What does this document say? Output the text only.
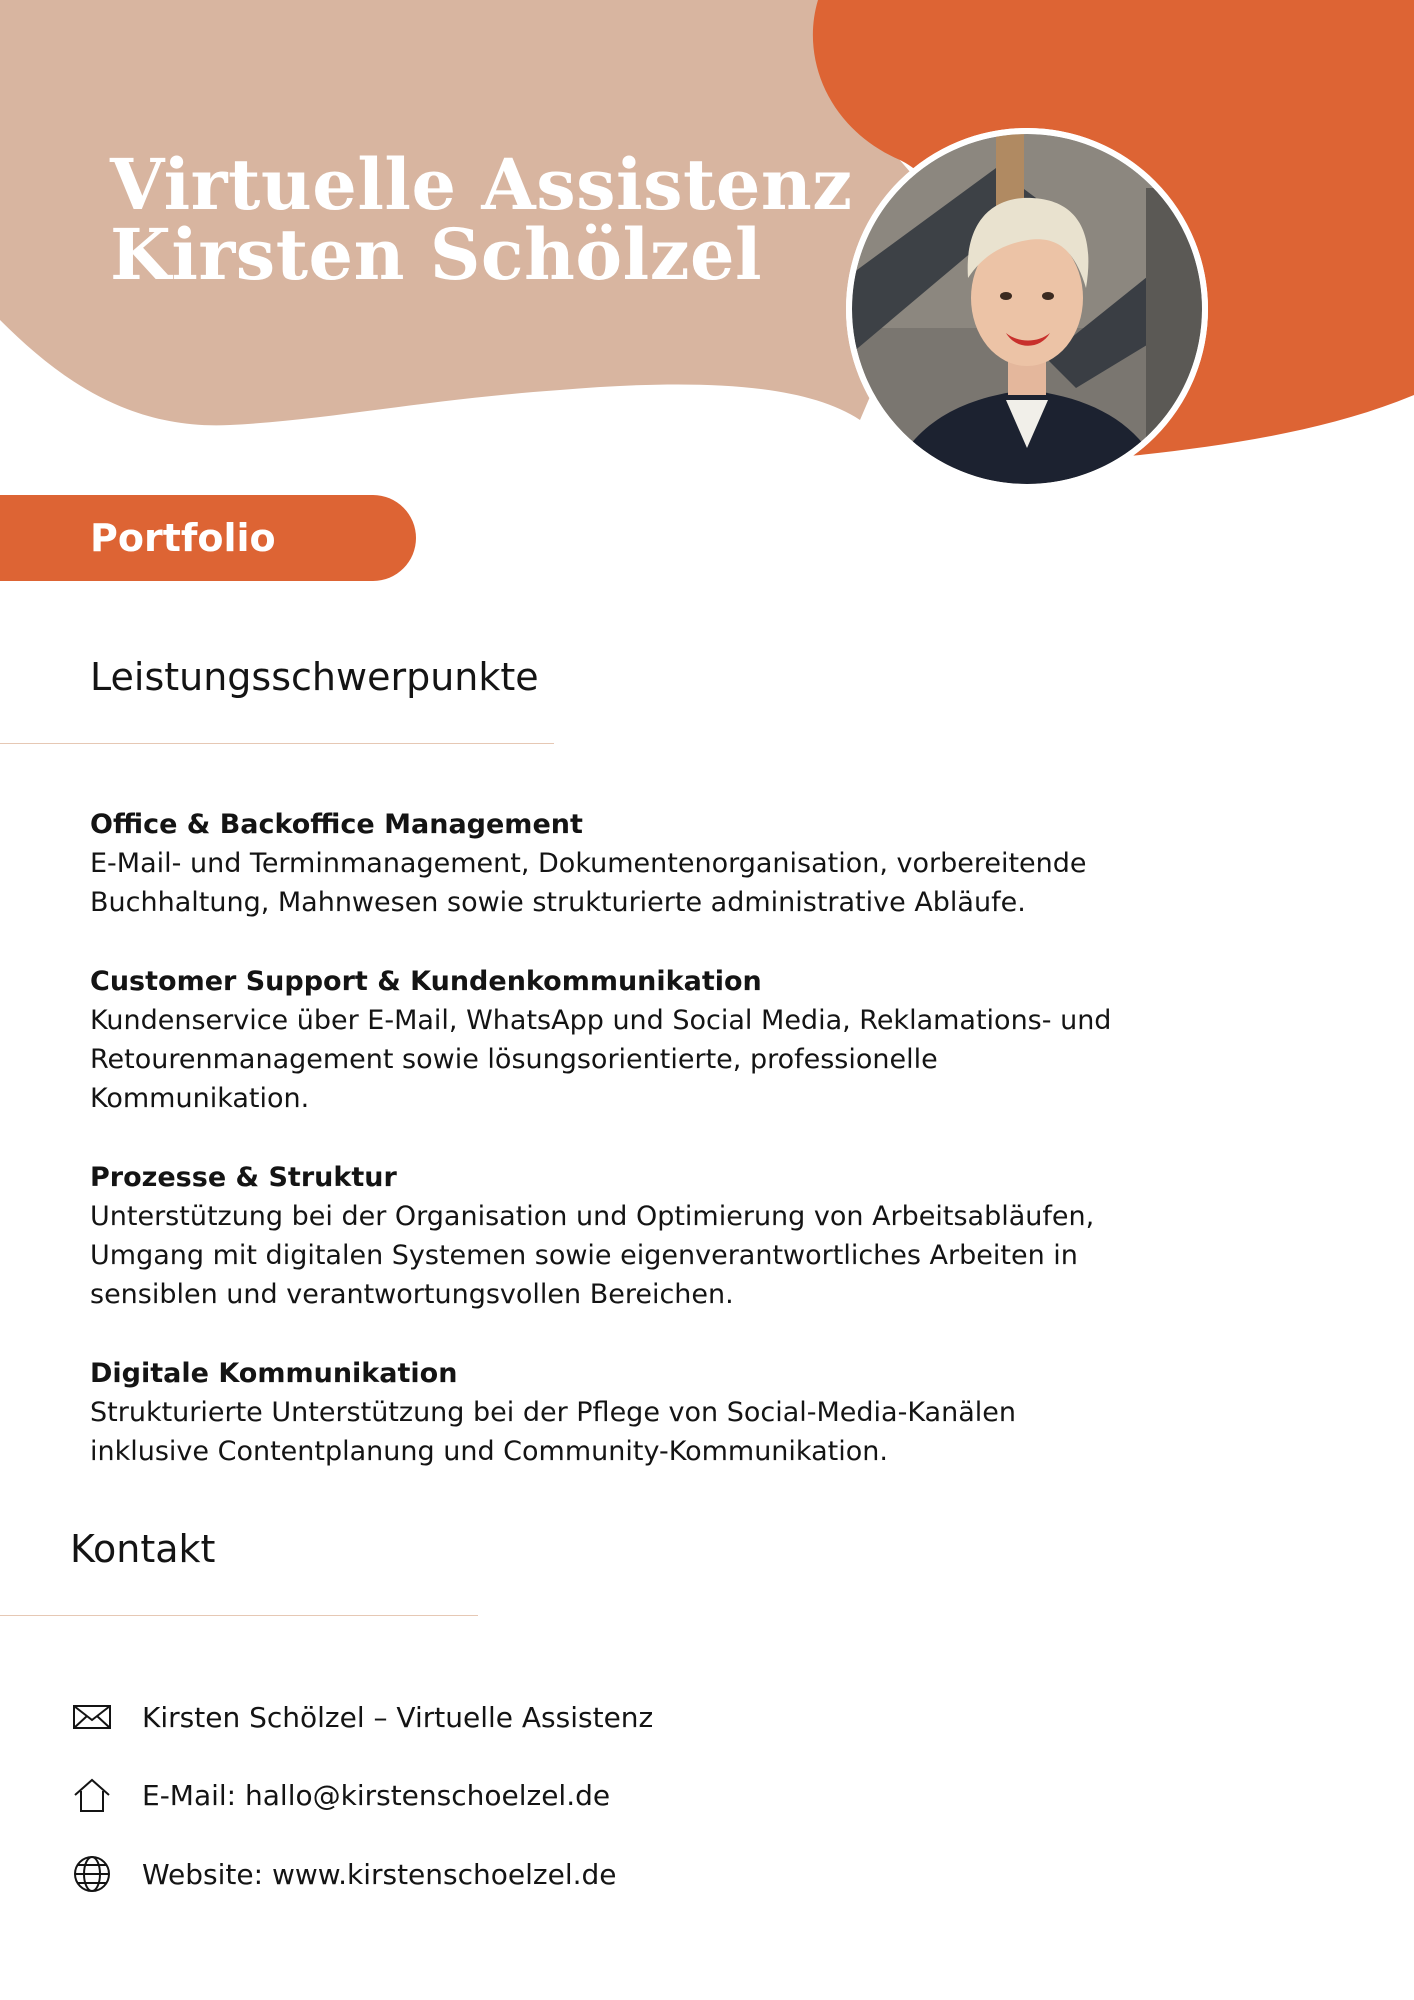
Virtuelle Assistenz
Kirsten Schölzel
Portfolio
Leistungsschwerpunkte
Office & Backoffice Management

E-Mail- und Terminmanagement, Dokumentenorganisation, vorbereitende

Buchhaltung, Mahnwesen sowie strukturierte administrative Abläufe.

Customer Support & Kundenkommunikation

Kundenservice über E-Mail, WhatsApp und Social Media, Reklamations- und

Retourenmanagement sowie lösungsorientierte, professionelle

Kommunikation.

Prozesse & Struktur

Unterstützung bei der Organisation und Optimierung von Arbeitsabläufen,

Umgang mit digitalen Systemen sowie eigenverantwortliches Arbeiten in

sensiblen und verantwortungsvollen Bereichen.

Digitale Kommunikation

Strukturierte Unterstützung bei der Pflege von Social-Media-Kanälen

inklusive Contentplanung und Community-Kommunikation.

Kontakt
Kirsten Schölzel – Virtuelle Assistenz
E-Mail: hallo@kirstenschoelzel.de
Website: www.kirstenschoelzel.de
